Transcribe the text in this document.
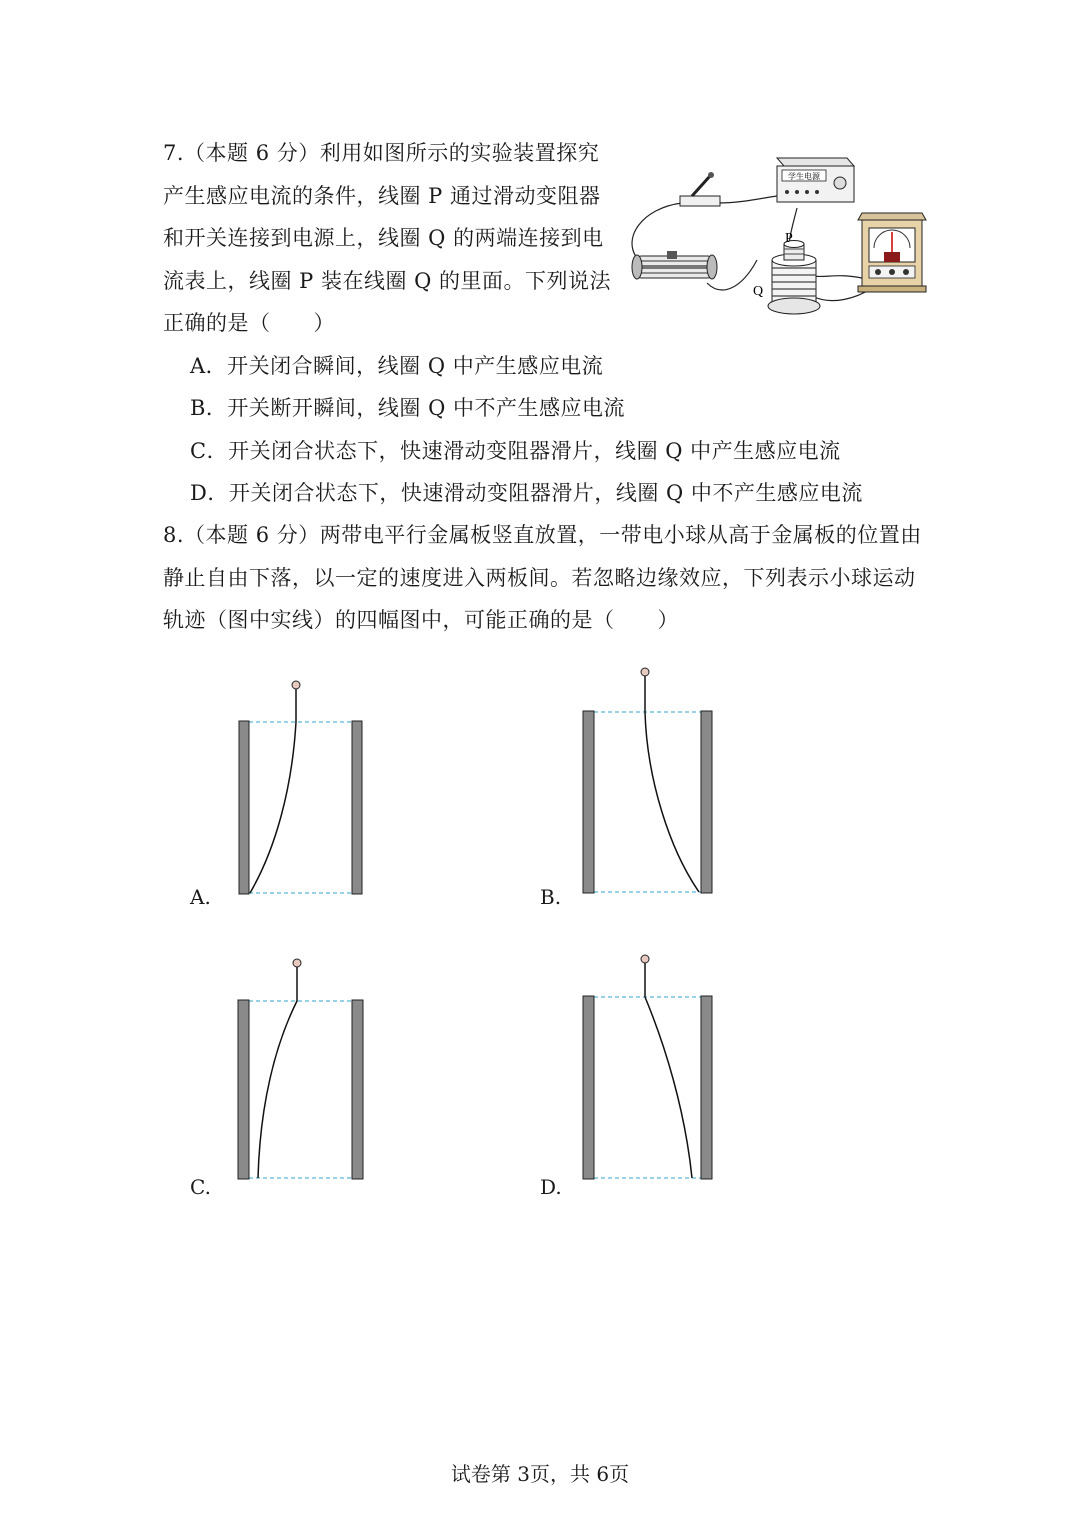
7.（本题 6 分）利用如图所示的实验装置探究
产生感应电流的条件，线圈 P 通过滑动变阻器
和开关连接到电源上，线圈 Q 的两端连接到电
流表上，线圈 P 装在线圈 Q 的里面。下列说法
正确的是（　　）
A．开关闭合瞬间，线圈 Q 中产生感应电流
B．开关断开瞬间，线圈 Q 中不产生感应电流
C．开关闭合状态下，快速滑动变阻器滑片，线圈 Q 中产生感应电流
D．开关闭合状态下，快速滑动变阻器滑片，线圈 Q 中不产生感应电流
学生电源
P
Q
8.（本题 6 分）两带电平行金属板竖直放置，一带电小球从高于金属板的位置由
静止自由下落，以一定的速度进入两板间。若忽略边缘效应，下列表示小球运动
轨迹（图中实线）的四幅图中，可能正确的是（　　）
A.	B.
C.	D.
试卷第 3页，共 6页
